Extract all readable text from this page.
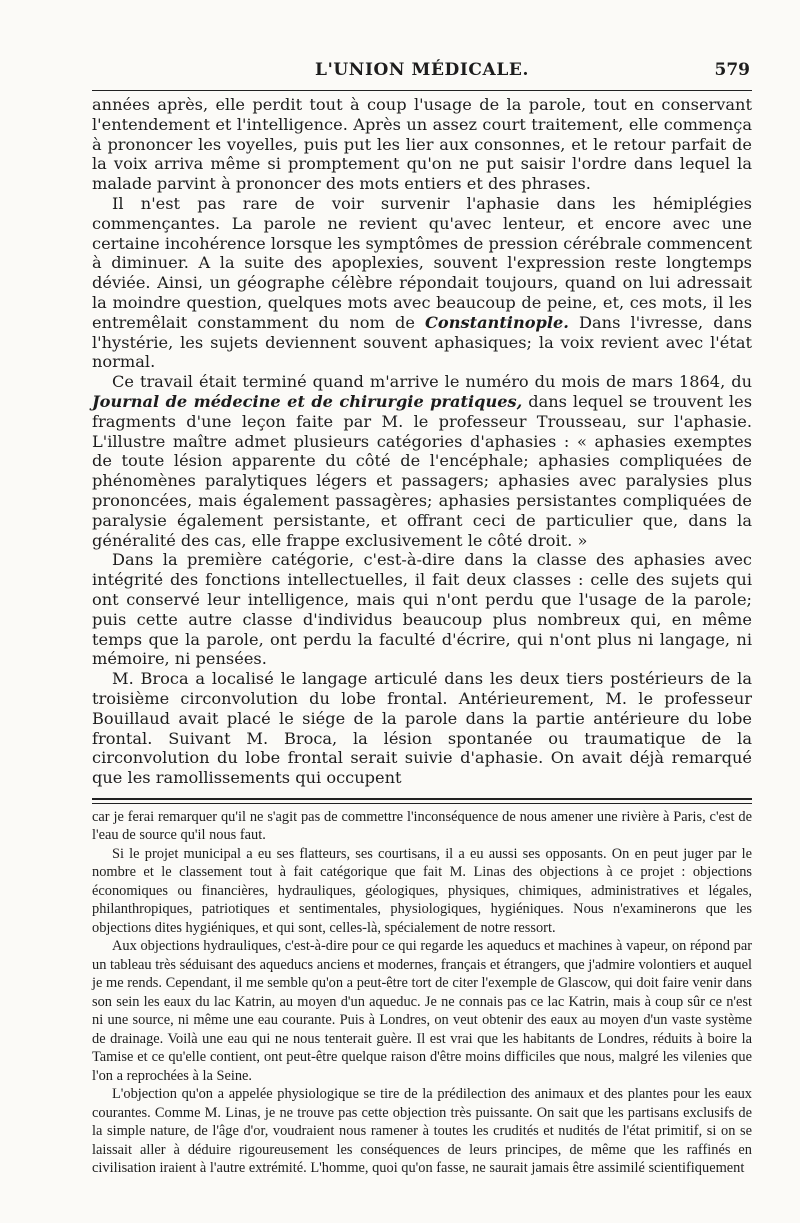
L'UNION MÉDICALE.	579

années après, elle perdit tout à coup l'usage de la parole, tout en conservant l'entendement et l'intelligence. Après un assez court traitement, elle commença à prononcer les voyelles, puis put les lier aux consonnes, et le retour parfait de la voix arriva même si promptement qu'on ne put saisir l'ordre dans lequel la malade parvint à prononcer des mots entiers et des phrases.

Il n'est pas rare de voir survenir l'aphasie dans les hémiplégies commençantes. La parole ne revient qu'avec lenteur, et encore avec une certaine incohérence lorsque les symptômes de pression cérébrale commencent à diminuer. A la suite des apoplexies, souvent l'expression reste longtemps déviée. Ainsi, un géographe célèbre répondait toujours, quand on lui adressait la moindre question, quelques mots avec beaucoup de peine, et, ces mots, il les entremêlait constamment du nom de Constantinople. Dans l'ivresse, dans l'hystérie, les sujets deviennent souvent aphasiques; la voix revient avec l'état normal.

Ce travail était terminé quand m'arrive le numéro du mois de mars 1864, du Journal de médecine et de chirurgie pratiques, dans lequel se trouvent les fragments d'une leçon faite par M. le professeur Trousseau, sur l'aphasie. L'illustre maître admet plusieurs catégories d'aphasies : « aphasies exemptes de toute lésion apparente du côté de l'encéphale; aphasies compliquées de phénomènes paralytiques légers et passagers; aphasies avec paralysies plus prononcées, mais également passagères; aphasies persistantes compliquées de paralysie également persistante, et offrant ceci de particulier que, dans la généralité des cas, elle frappe exclusivement le côté droit. »

Dans la première catégorie, c'est-à-dire dans la classe des aphasies avec intégrité des fonctions intellectuelles, il fait deux classes : celle des sujets qui ont conservé leur intelligence, mais qui n'ont perdu que l'usage de la parole; puis cette autre classe d'individus beaucoup plus nombreux qui, en même temps que la parole, ont perdu la faculté d'écrire, qui n'ont plus ni langage, ni mémoire, ni pensées.

M. Broca a localisé le langage articulé dans les deux tiers postérieurs de la troisième circonvolution du lobe frontal. Antérieurement, M. le professeur Bouillaud avait placé le siége de la parole dans la partie antérieure du lobe frontal. Suivant M. Broca, la lésion spontanée ou traumatique de la circonvolution du lobe frontal serait suivie d'aphasie. On avait déjà remarqué que les ramollissements qui occupent

car je ferai remarquer qu'il ne s'agit pas de commettre l'inconséquence de nous amener une rivière à Paris, c'est de l'eau de source qu'il nous faut.

Si le projet municipal a eu ses flatteurs, ses courtisans, il a eu aussi ses opposants. On en peut juger par le nombre et le classement tout à fait catégorique que fait M. Linas des objections à ce projet : objections économiques ou financières, hydrauliques, géologiques, physiques, chimiques, administratives et légales, philanthropiques, patriotiques et sentimentales, physiologiques, hygiéniques. Nous n'examinerons que les objections dites hygiéniques, et qui sont, celles-là, spécialement de notre ressort.

Aux objections hydrauliques, c'est-à-dire pour ce qui regarde les aqueducs et machines à vapeur, on répond par un tableau très séduisant des aqueducs anciens et modernes, français et étrangers, que j'admire volontiers et auquel je me rends. Cependant, il me semble qu'on a peut-être tort de citer l'exemple de Glascow, qui doit faire venir dans son sein les eaux du lac Katrin, au moyen d'un aqueduc. Je ne connais pas ce lac Katrin, mais à coup sûr ce n'est ni une source, ni même une eau courante. Puis à Londres, on veut obtenir des eaux au moyen d'un vaste système de drainage. Voilà une eau qui ne nous tenterait guère. Il est vrai que les habitants de Londres, réduits à boire la Tamise et ce qu'elle contient, ont peut-être quelque raison d'être moins difficiles que nous, malgré les vilenies que l'on a reprochées à la Seine.

L'objection qu'on a appelée physiologique se tire de la prédilection des animaux et des plantes pour les eaux courantes. Comme M. Linas, je ne trouve pas cette objection très puissante. On sait que les partisans exclusifs de la simple nature, de l'âge d'or, voudraient nous ramener à toutes les crudités et nudités de l'état primitif, si on se laissait aller à déduire rigoureusement les conséquences de leurs principes, de même que les raffinés en civilisation iraient à l'autre extrémité. L'homme, quoi qu'on fasse, ne saurait jamais être assimilé scientifiquement
